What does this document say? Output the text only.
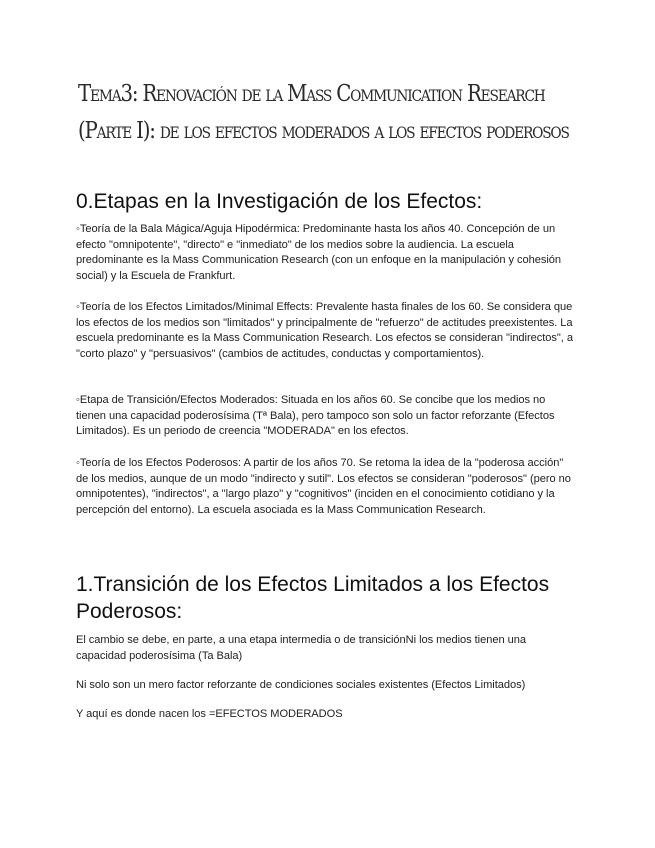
Tema3: Renovación de la Mass Communication Research (Parte I): de los efectos moderados a los efectos poderosos
0.Etapas en la Investigación de los Efectos:

◦Teoría de la Bala Mágica/Aguja Hipodérmica: Predominante hasta los años 40. Concepción de un efecto "omnipotente", "directo" e "inmediato" de los medios sobre la audiencia. La escuela predominante es la Mass Communication Research (con un enfoque en la manipulación y cohesión social) y la Escuela de Frankfurt.

◦Teoría de los Efectos Limitados/Minimal Effects: Prevalente hasta finales de los 60. Se considera que los efectos de los medios son "limitados" y principalmente de "refuerzo" de actitudes preexistentes. La escuela predominante es la Mass Communication Research. Los efectos se consideran "indirectos", a "corto plazo" y "persuasivos" (cambios de actitudes, conductas y comportamientos).

◦Etapa de Transición/Efectos Moderados: Situada en los años 60. Se concibe que los medios no tienen una capacidad poderosísima (Tª Bala), pero tampoco son solo un factor reforzante (Efectos Limitados). Es un periodo de creencia "MODERADA" en los efectos.

◦Teoría de los Efectos Poderosos: A partir de los años 70. Se retoma la idea de la "poderosa acción" de los medios, aunque de un modo "indirecto y sutil". Los efectos se consideran "poderosos" (pero no omnipotentes), "indirectos", a "largo plazo" y "cognitivos" (inciden en el conocimiento cotidiano y la percepción del entorno). La escuela asociada es la Mass Communication Research.

1.Transición de los Efectos Limitados a los Efectos Poderosos:

El cambio se debe, en parte, a una etapa intermedia o de transiciónNi los medios tienen una capacidad poderosísima (Ta Bala)

Ni solo son un mero factor reforzante de condiciones sociales existentes (Efectos Limitados)

Y aquí es donde nacen los =EFECTOS MODERADOS
